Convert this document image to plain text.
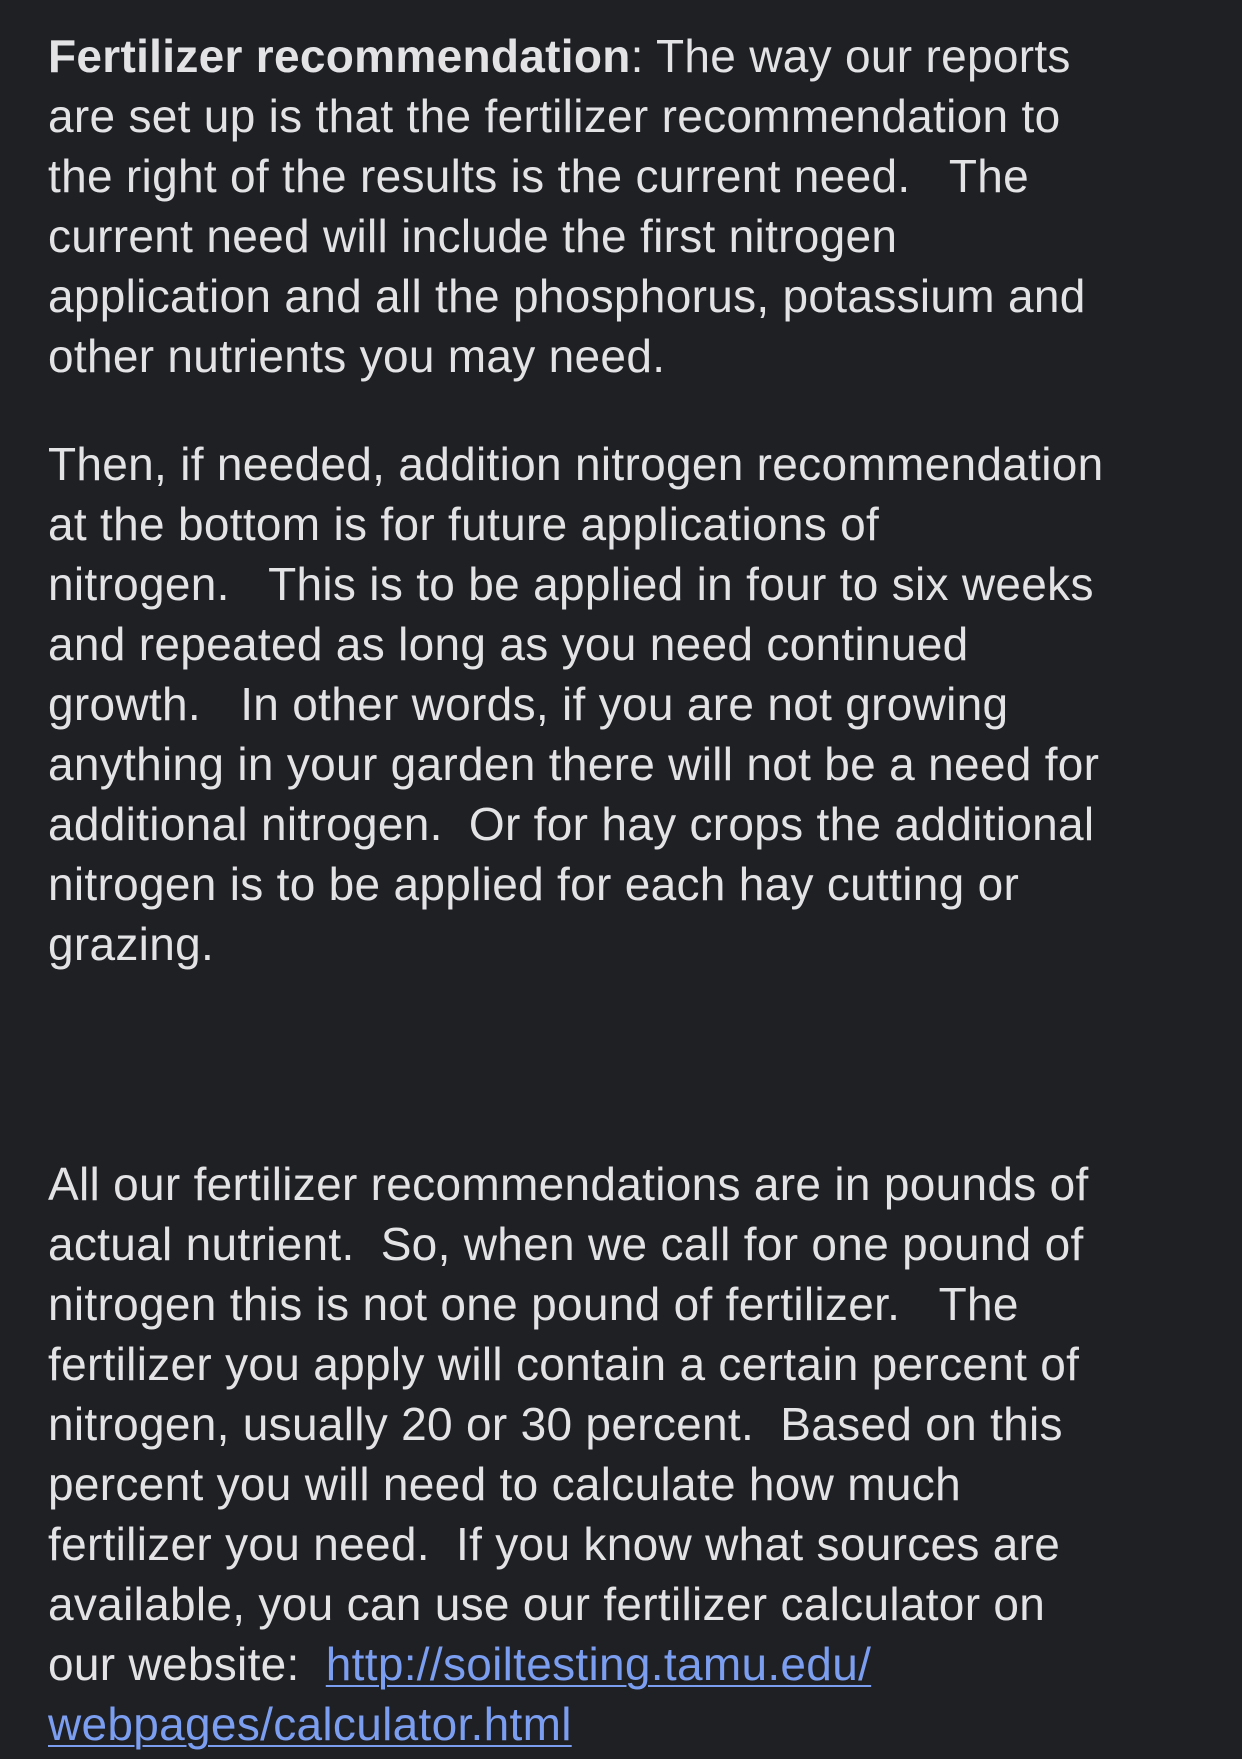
Fertilizer recommendation: The way our reports
are set up is that the fertilizer recommendation to
the right of the results is the current need.   The
current need will include the first nitrogen
application and all the phosphorus, potassium and
other nutrients you may need.

Then, if needed, addition nitrogen recommendation
at the bottom is for future applications of
nitrogen.   This is to be applied in four to six weeks
and repeated as long as you need continued
growth.   In other words, if you are not growing
anything in your garden there will not be a need for
additional nitrogen.  Or for hay crops the additional
nitrogen is to be applied for each hay cutting or
grazing.

All our fertilizer recommendations are in pounds of
actual nutrient.  So, when we call for one pound of
nitrogen this is not one pound of fertilizer.   The
fertilizer you apply will contain a certain percent of
nitrogen, usually 20 or 30 percent.  Based on this
percent you will need to calculate how much
fertilizer you need.  If you know what sources are
available, you can use our fertilizer calculator on
our website:  http://soiltesting.tamu.edu/
webpages/calculator.html
